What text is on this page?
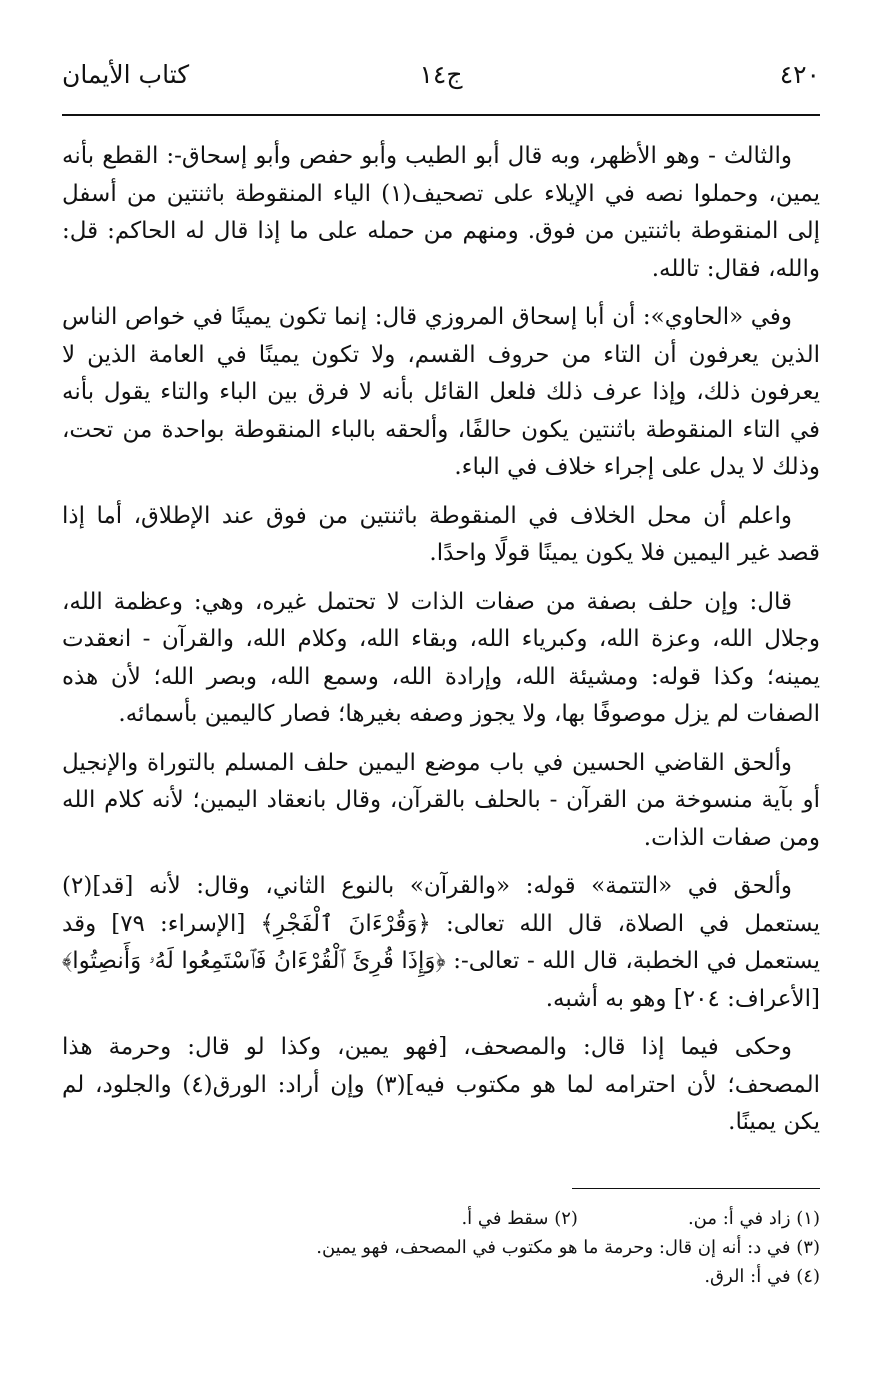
٤٢٠
ج١٤
كتاب الأيمان

والثالث - وهو الأظهر، وبه قال أبو الطيب وأبو حفص وأبو إسحاق-: القطع بأنه يمين، وحملوا نصه في الإيلاء على تصحيف(١) الياء المنقوطة باثنتين من أسفل إلى المنقوطة باثنتين من فوق. ومنهم من حمله على ما إذا قال له الحاكم: قل: والله، فقال: تالله.

وفي «الحاوي»: أن أبا إسحاق المروزي قال: إنما تكون يمينًا في خواص الناس الذين يعرفون أن التاء من حروف القسم، ولا تكون يمينًا في العامة الذين لا يعرفون ذلك، وإذا عرف ذلك فلعل القائل بأنه لا فرق بين الباء والتاء يقول بأنه في التاء المنقوطة باثنتين يكون حالفًا، وألحقه بالباء المنقوطة بواحدة من تحت، وذلك لا يدل على إجراء خلاف في الباء.

واعلم أن محل الخلاف في المنقوطة باثنتين من فوق عند الإطلاق، أما إذا قصد غير اليمين فلا يكون يمينًا قولًا واحدًا.

قال: وإن حلف بصفة من صفات الذات لا تحتمل غيره، وهي: وعظمة الله، وجلال الله، وعزة الله، وكبرياء الله، وبقاء الله، وكلام الله، والقرآن - انعقدت يمينه؛ وكذا قوله: ومشيئة الله، وإرادة الله، وسمع الله، وبصر الله؛ لأن هذه الصفات لم يزل موصوفًا بها، ولا يجوز وصفه بغيرها؛ فصار كاليمين بأسمائه.

وألحق القاضي الحسين في باب موضع اليمين حلف المسلم بالتوراة والإنجيل أو بآية منسوخة من القرآن - بالحلف بالقرآن، وقال بانعقاد اليمين؛ لأنه كلام الله ومن صفات الذات.

وألحق في «التتمة» قوله: «والقرآن» بالنوع الثاني، وقال: لأنه [قد](٢) يستعمل في الصلاة، قال الله تعالى: ﴿وَقُرْءَانَ ٱلْفَجْرِ﴾ [الإسراء: ٧٩] وقد يستعمل في الخطبة، قال الله - تعالى-: ﴿وَإِذَا قُرِئَ ٱلْقُرْءَانُ فَٱسْتَمِعُوا لَهُۥ وَأَنصِتُوا﴾ [الأعراف: ٢٠٤] وهو به أشبه.

وحكى فيما إذا قال: والمصحف، [فهو يمين، وكذا لو قال: وحرمة هذا المصحف؛ لأن احترامه لما هو مكتوب فيه](٣) وإن أراد: الورق(٤) والجلود، لم يكن يمينًا.

(١) زاد في أ: من.
(٢) سقط في أ.
(٣) في د: أنه إن قال: وحرمة ما هو مكتوب في المصحف، فهو يمين.
(٤) في أ: الرق.
